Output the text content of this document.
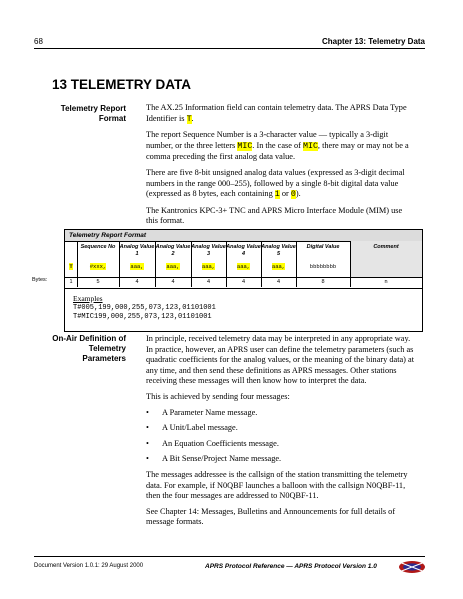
68	Chapter 13: Telemetry Data
13 TELEMETRY DATA
Telemetry Report
Format

The AX.25 Information field can contain telemetry data. The APRS Data Type Identifier is T.

The report Sequence Number is a 3-character value — typically a 3-digit number, or the three letters MIC. In the case of MIC, there may or may not be a comma preceding the first analog data value.

There are five 8-bit unsigned analog data values (expressed as 3-digit decimal numbers in the range 000–255), followed by a single 8-bit digital data value (expressed as 8 bytes, each containing 1 or 0).

The Kantronics KPC-3+ TNC and APRS Micro Interface Module (MIM) use this format.

Bytes:
Telemetry Report Format
T
1
Sequence No
#xxx,
5
Analog Value 1
aaa,
4
Analog Value 2
aaa,
4
Analog Value 3
aaa,
4
Analog Value 4
aaa,
4
Analog Value 5
aaa,
4
Digital Value
bbbbbbbb
8
Comment
n
Examples
T#005,199,000,255,073,123,01101001
T#MIC199,000,255,073,123,01101001
On-Air Definition of
Telemetry
Parameters

In principle, received telemetry data may be interpreted in any appropriate way. In practice, however, an APRS user can define the telemetry parameters (such as quadratic coefficients for the analog values, or the meaning of the binary data) at any time, and then send these definitions as APRS messages. Other stations receiving these messages will then know how to interpret the data.

This is achieved by sending four messages:

• A Parameter Name message.
• A Unit/Label message.
• An Equation Coefficients message.
• A Bit Sense/Project Name message.

The messages addressee is the callsign of the station transmitting the telemetry data. For example, if N0QBF launches a balloon with the callsign N0QBF-11, then the four messages are addressed to N0QBF-11.

See Chapter 14: Messages, Bulletins and Announcements for full details of message formats.

Document Version 1.0.1: 29 August 2000	APRS Protocol Reference — APRS Protocol Version 1.0
